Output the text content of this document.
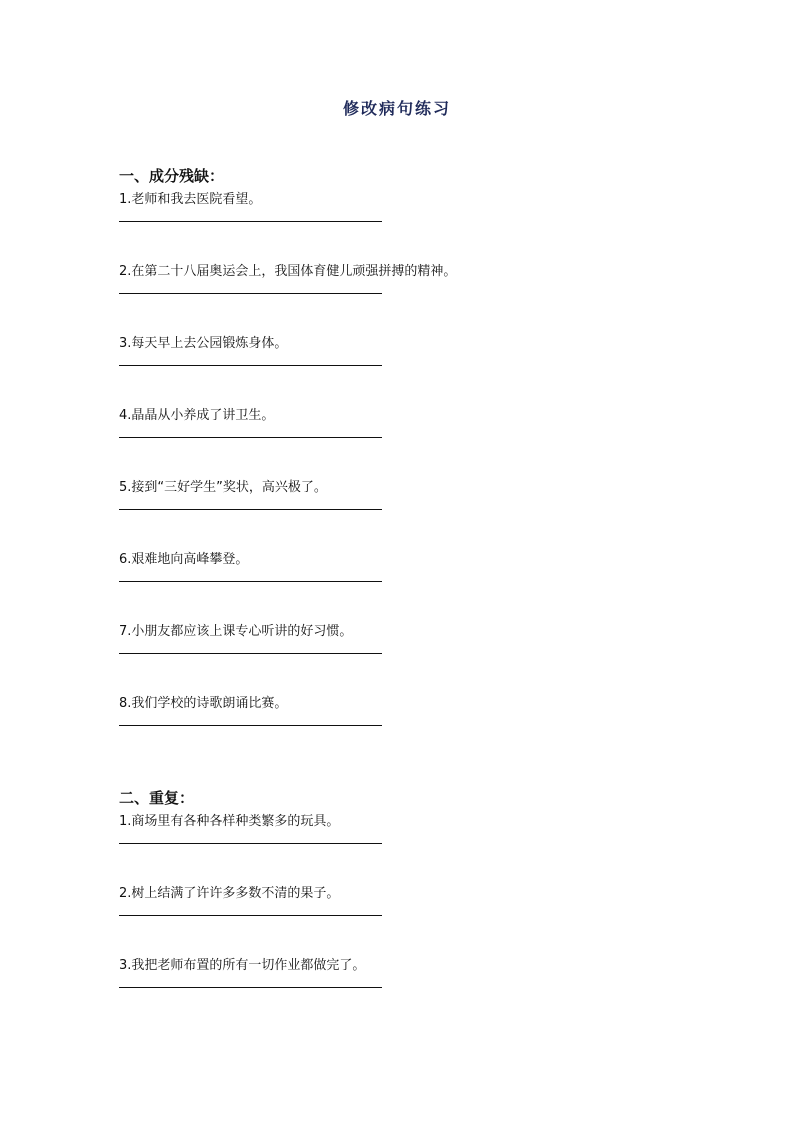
修改病句练习
一、成分残缺：
1.老师和我去医院看望。
2.在第二十八届奥运会上，我国体育健儿顽强拼搏的精神。
3.每天早上去公园锻炼身体。
4.晶晶从小养成了讲卫生。
5.接到“三好学生”奖状，高兴极了。
6.艰难地向高峰攀登。
7.小朋友都应该上课专心听讲的好习惯。
8.我们学校的诗歌朗诵比赛。
二、重复：
1.商场里有各种各样种类繁多的玩具。
2.树上结满了许许多多数不清的果子。
3.我把老师布置的所有一切作业都做完了。
